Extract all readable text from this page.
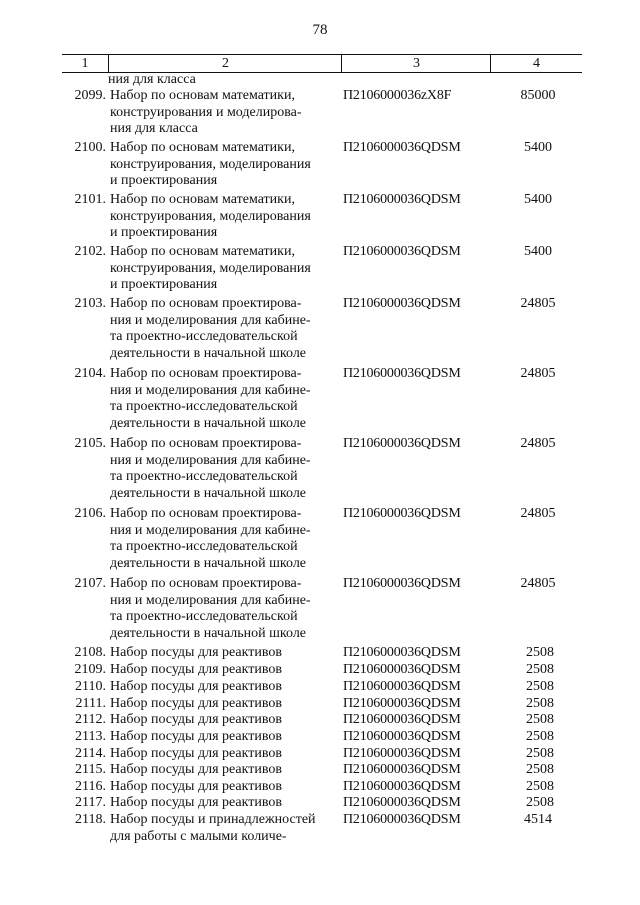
78
1	2	3	4
ния для класса
2099. Набор по основам математики,
конструирования и моделирова-
ния для класса
П2106000036zX8F	85000
2100. Набор по основам математики,
конструирования, моделирования
и проектирования
П2106000036QDSM	5400
2101. Набор по основам математики,
конструирования, моделирования
и проектирования
П2106000036QDSM	5400
2102. Набор по основам математики,
конструирования, моделирования
и проектирования
П2106000036QDSM	5400
2103. Набор по основам проектирова-
ния и моделирования для кабине-
та проектно-исследовательской
деятельности в начальной школе
П2106000036QDSM	24805
2104. Набор по основам проектирова-
ния и моделирования для кабине-
та проектно-исследовательской
деятельности в начальной школе
П2106000036QDSM	24805
2105. Набор по основам проектирова-
ния и моделирования для кабине-
та проектно-исследовательской
деятельности в начальной школе
П2106000036QDSM	24805
2106. Набор по основам проектирова-
ния и моделирования для кабине-
та проектно-исследовательской
деятельности в начальной школе
П2106000036QDSM	24805
2107. Набор по основам проектирова-
ния и моделирования для кабине-
та проектно-исследовательской
деятельности в начальной школе
П2106000036QDSM	24805
2108. Набор посуды для реактивов	П2106000036QDSM	2508
2109. Набор посуды для реактивов	П2106000036QDSM	2508
2110. Набор посуды для реактивов	П2106000036QDSM	2508
2111. Набор посуды для реактивов	П2106000036QDSM	2508
2112. Набор посуды для реактивов	П2106000036QDSM	2508
2113. Набор посуды для реактивов	П2106000036QDSM	2508
2114. Набор посуды для реактивов	П2106000036QDSM	2508
2115. Набор посуды для реактивов	П2106000036QDSM	2508
2116. Набор посуды для реактивов	П2106000036QDSM	2508
2117. Набор посуды для реактивов	П2106000036QDSM	2508
2118. Набор посуды и принадлежностей
для работы с малыми количе-
П2106000036QDSM	4514
